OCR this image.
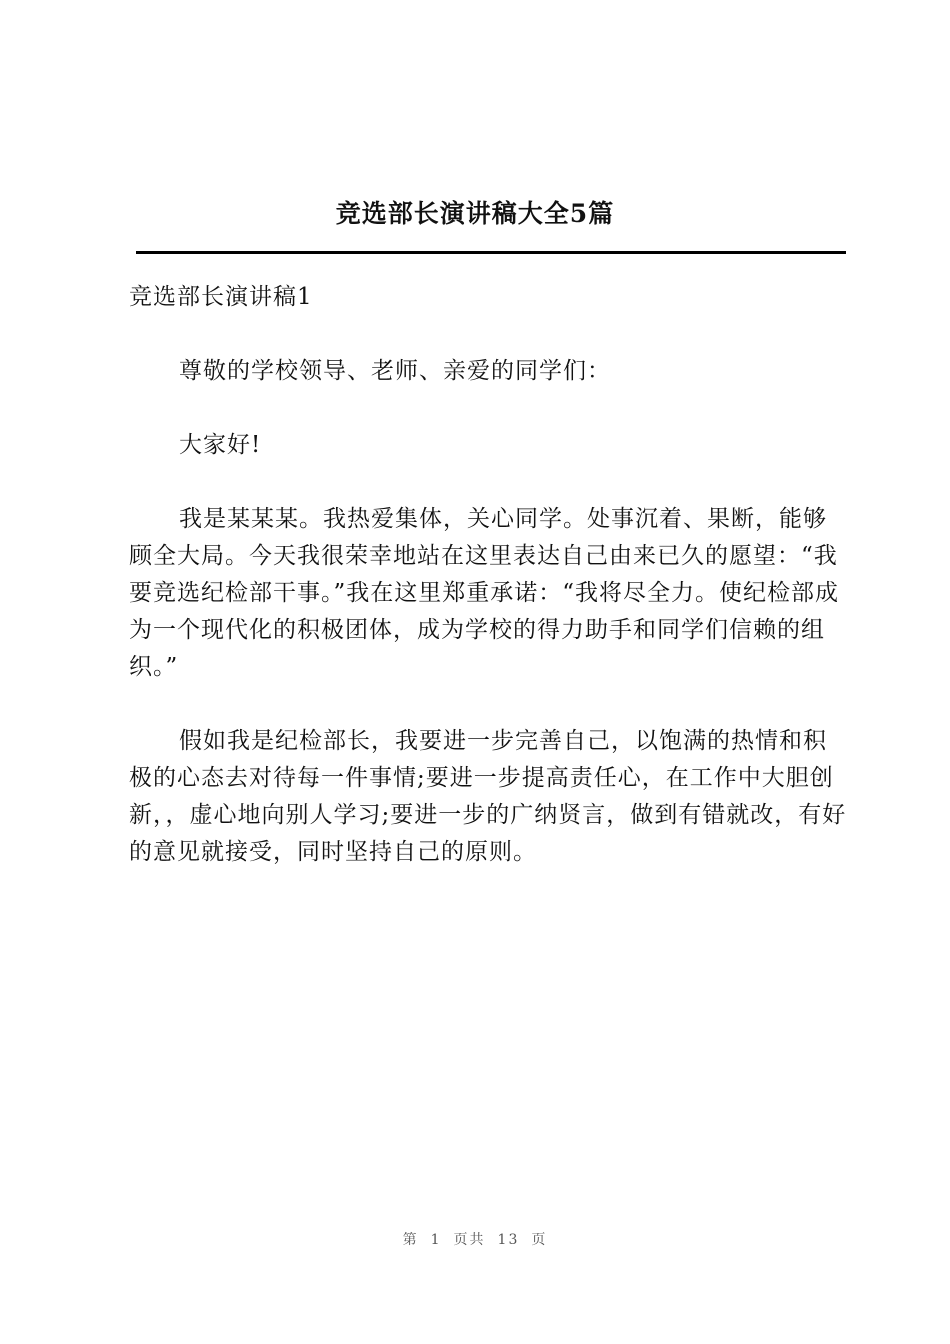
竞选部长演讲稿大全5篇

竞选部长演讲稿1

尊敬的学校领导、老师、亲爱的同学们：

大家好!

我是某某某。我热爱集体，关心同学。处事沉着、果断，能够顾全大局。今天我很荣幸地站在这里表达自己由来已久的愿望：“我要竞选纪检部干事。”我在这里郑重承诺：“我将尽全力。使纪检部成为一个现代化的积极团体，成为学校的得力助手和同学们信赖的组织。”

假如我是纪检部长，我要进一步完善自己，以饱满的热情和积极的心态去对待每一件事情;要进一步提高责任心，在工作中大胆创新，，虚心地向别人学习;要进一步的广纳贤言，做到有错就改，有好的意见就接受，同时坚持自己的原则。

第 1 页共 13 页
